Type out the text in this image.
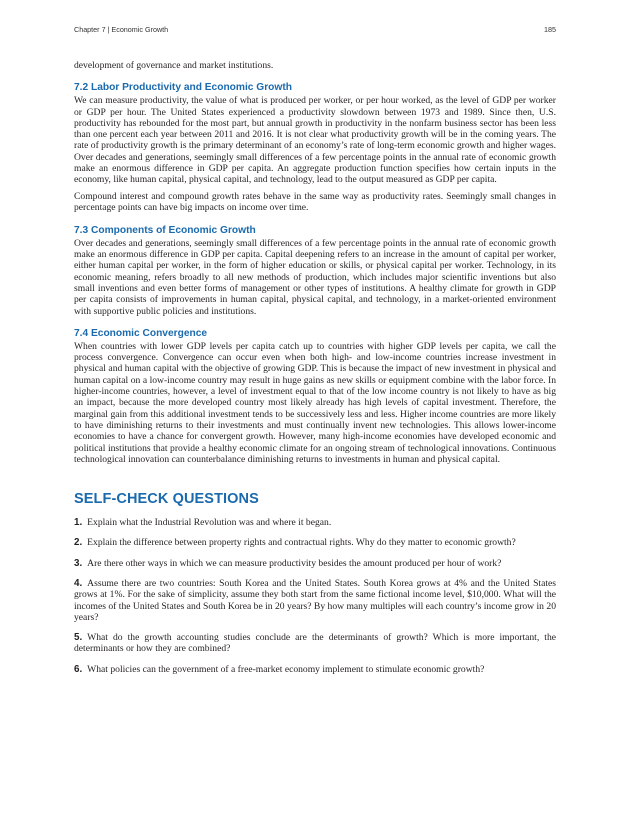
Chapter 7 | Economic Growth	185

development of governance and market institutions.

7.2 Labor Productivity and Economic Growth

We can measure productivity, the value of what is produced per worker, or per hour worked, as the level of GDP per worker or GDP per hour. The United States experienced a productivity slowdown between 1973 and 1989. Since then, U.S. productivity has rebounded for the most part, but annual growth in productivity in the nonfarm business sector has been less than one percent each year between 2011 and 2016. It is not clear what productivity growth will be in the coming years. The rate of productivity growth is the primary determinant of an economy’s rate of long-term economic growth and higher wages. Over decades and generations, seemingly small differences of a few percentage points in the annual rate of economic growth make an enormous difference in GDP per capita. An aggregate production function specifies how certain inputs in the economy, like human capital, physical capital, and technology, lead to the output measured as GDP per capita.

Compound interest and compound growth rates behave in the same way as productivity rates. Seemingly small changes in percentage points can have big impacts on income over time.

7.3 Components of Economic Growth

Over decades and generations, seemingly small differences of a few percentage points in the annual rate of economic growth make an enormous difference in GDP per capita. Capital deepening refers to an increase in the amount of capital per worker, either human capital per worker, in the form of higher education or skills, or physical capital per worker. Technology, in its economic meaning, refers broadly to all new methods of production, which includes major scientific inventions but also small inventions and even better forms of management or other types of institutions. A healthy climate for growth in GDP per capita consists of improvements in human capital, physical capital, and technology, in a market-oriented environment with supportive public policies and institutions.

7.4 Economic Convergence

When countries with lower GDP levels per capita catch up to countries with higher GDP levels per capita, we call the process convergence. Convergence can occur even when both high- and low-income countries increase investment in physical and human capital with the objective of growing GDP. This is because the impact of new investment in physical and human capital on a low-income country may result in huge gains as new skills or equipment combine with the labor force. In higher-income countries, however, a level of investment equal to that of the low income country is not likely to have as big an impact, because the more developed country most likely already has high levels of capital investment. Therefore, the marginal gain from this additional investment tends to be successively less and less. Higher income countries are more likely to have diminishing returns to their investments and must continually invent new technologies. This allows lower-income economies to have a chance for convergent growth. However, many high-income economies have developed economic and political institutions that provide a healthy economic climate for an ongoing stream of technological innovations. Continuous technological innovation can counterbalance diminishing returns to investments in human and physical capital.

SELF-CHECK QUESTIONS
1. Explain what the Industrial Revolution was and where it began.
2. Explain the difference between property rights and contractual rights. Why do they matter to economic growth?
3. Are there other ways in which we can measure productivity besides the amount produced per hour of work?
4. Assume there are two countries: South Korea and the United States. South Korea grows at 4% and the United States grows at 1%. For the sake of simplicity, assume they both start from the same fictional income level, $10,000. What will the incomes of the United States and South Korea be in 20 years? By how many multiples will each country’s income grow in 20 years?
5. What do the growth accounting studies conclude are the determinants of growth? Which is more important, the determinants or how they are combined?
6. What policies can the government of a free-market economy implement to stimulate economic growth?
